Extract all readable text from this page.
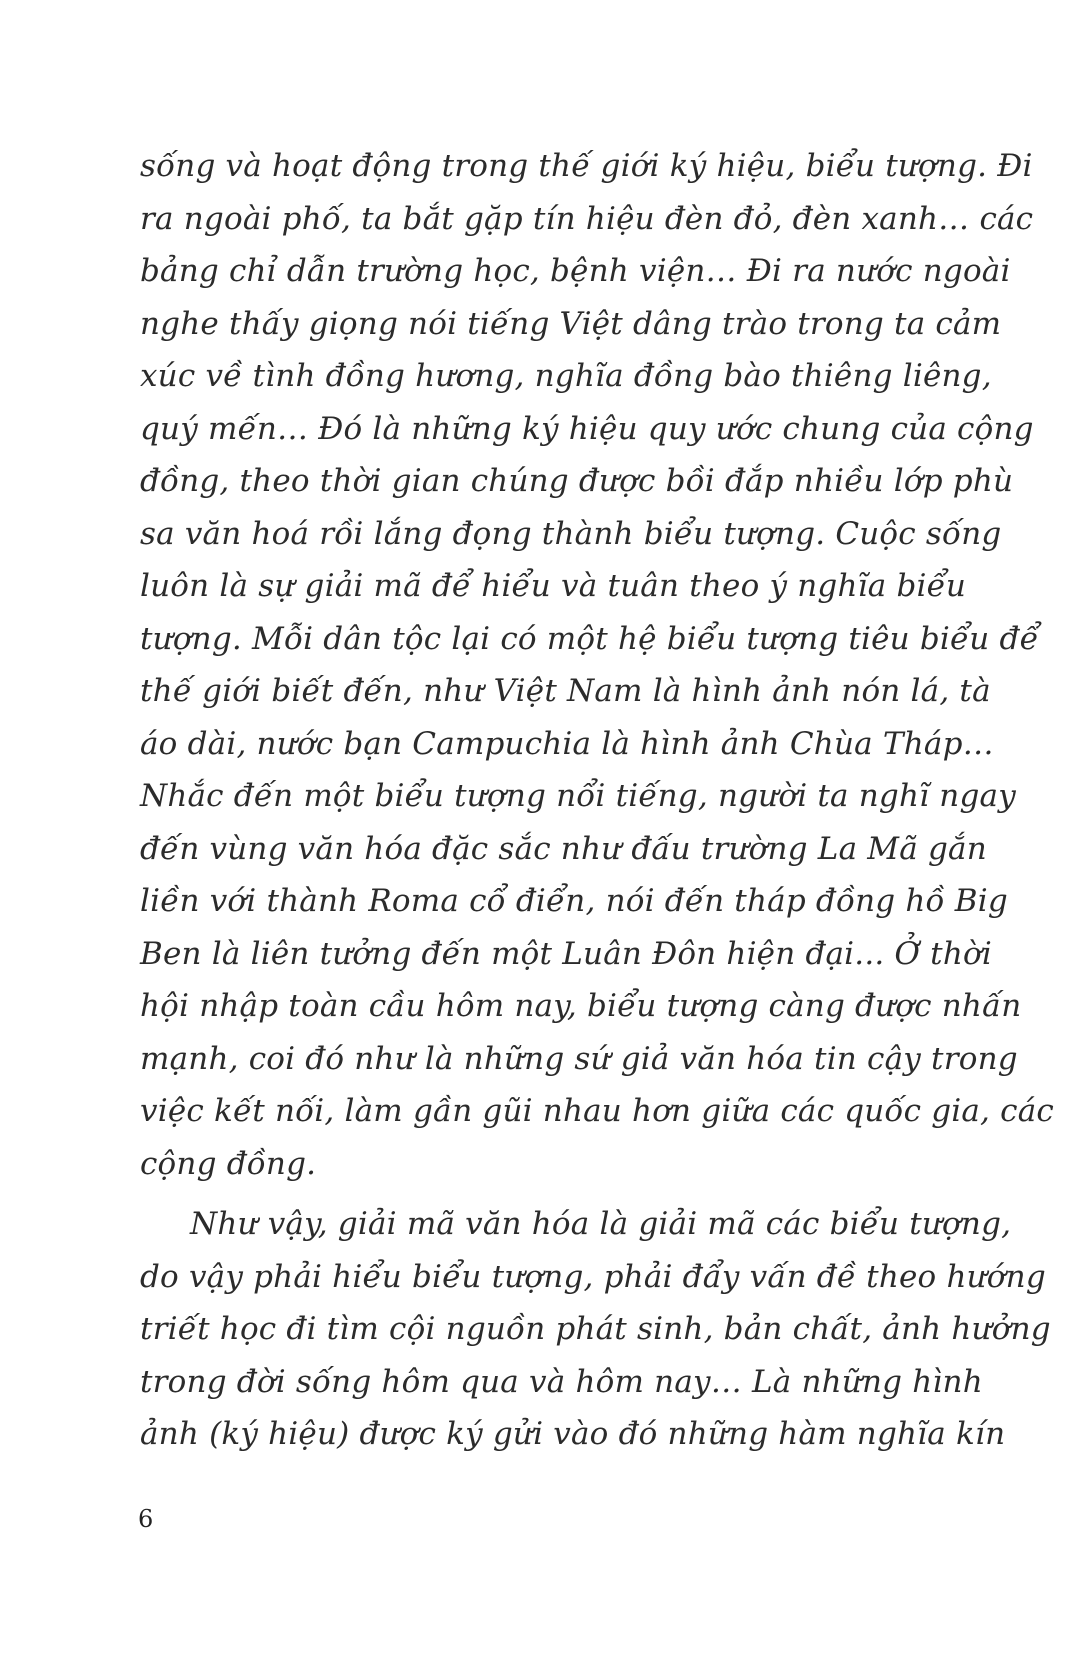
sống và hoạt động trong thế giới ký hiệu, biểu tượng. Đi
ra ngoài phố, ta bắt gặp tín hiệu đèn đỏ, đèn xanh… các
bảng chỉ dẫn trường học, bệnh viện… Đi ra nước ngoài
nghe thấy giọng nói tiếng Việt dâng trào trong ta cảm
xúc về tình đồng hương, nghĩa đồng bào thiêng liêng,
quý mến… Đó là những ký hiệu quy ước chung của cộng
đồng, theo thời gian chúng được bồi đắp nhiều lớp phù
sa văn hoá rồi lắng đọng thành biểu tượng. Cuộc sống
luôn là sự giải mã để hiểu và tuân theo ý nghĩa biểu
tượng. Mỗi dân tộc lại có một hệ biểu tượng tiêu biểu để
thế giới biết đến, như Việt Nam là hình ảnh nón lá, tà
áo dài, nước bạn Campuchia là hình ảnh Chùa Tháp…
Nhắc đến một biểu tượng nổi tiếng, người ta nghĩ ngay
đến vùng văn hóa đặc sắc như đấu trường La Mã gắn
liền với thành Roma cổ điển, nói đến tháp đồng hồ Big
Ben là liên tưởng đến một Luân Đôn hiện đại... Ở thời
hội nhập toàn cầu hôm nay, biểu tượng càng được nhấn
mạnh, coi đó như là những sứ giả văn hóa tin cậy trong
việc kết nối, làm gần gũi nhau hơn giữa các quốc gia, các
cộng đồng.
Như vậy, giải mã văn hóa là giải mã các biểu tượng,
do vậy phải hiểu biểu tượng, phải đẩy vấn đề theo hướng
triết học đi tìm cội nguồn phát sinh, bản chất, ảnh hưởng
trong đời sống hôm qua và hôm nay… Là những hình
ảnh (ký hiệu) được ký gửi vào đó những hàm nghĩa kín
6
